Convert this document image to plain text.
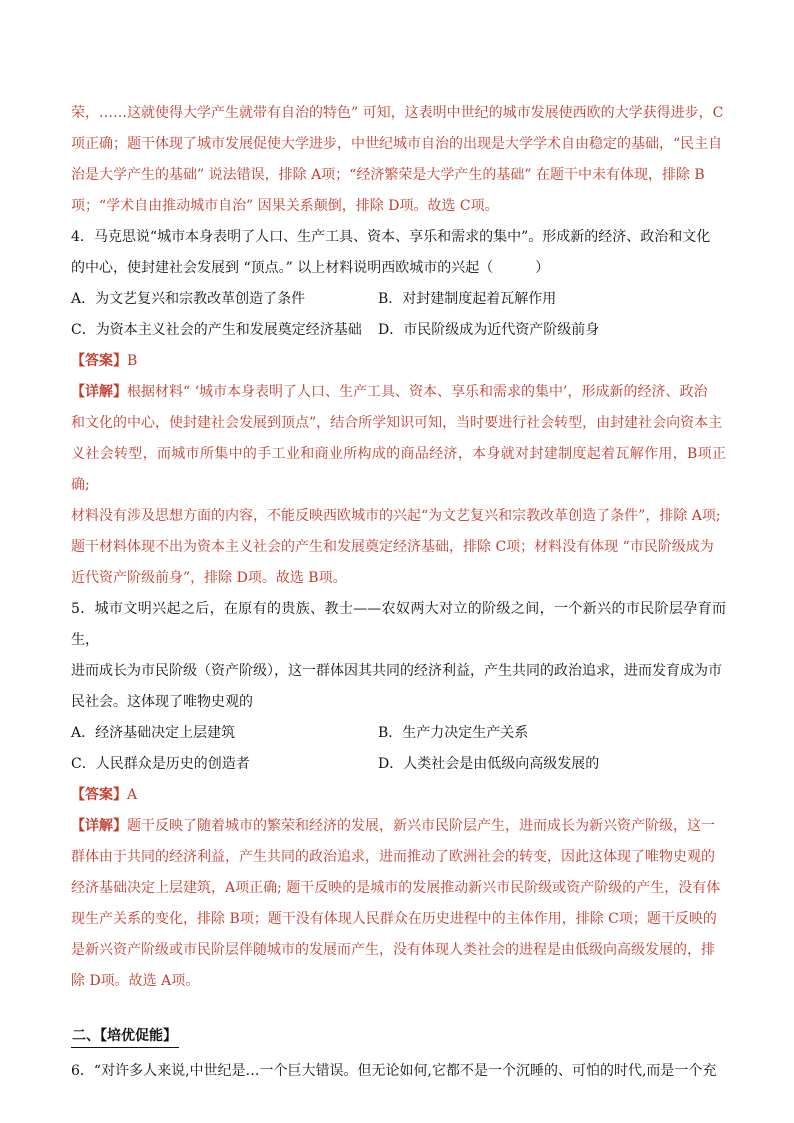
荣，……这就使得大学产生就带有自治的特色” 可知，这表明中世纪的城市发展使西欧的大学获得进步，C

项正确；题干体现了城市发展促使大学进步，中世纪城市自治的出现是大学学术自由稳定的基础，“民主自

治是大学产生的基础” 说法错误，排除 A项；“经济繁荣是大学产生的基础” 在题干中未有体现，排除 B

项；“学术自由推动城市自治” 因果关系颠倒，排除 D项。故选 C项。

4．马克思说“城市本身表明了人口、生产工具、资本、享乐和需求的集中”。形成新的经济、政治和文化

的中心，使封建社会发展到 “顶点。” 以上材料说明西欧城市的兴起（　　　）

A．为文艺复兴和宗教改革创造了条件	B．对封建制度起着瓦解作用
C．为资本主义社会的产生和发展奠定经济基础	D．市民阶级成为近代资产阶级前身

【答案】B

【详解】根据材料“ ‘城市本身表明了人口、生产工具、资本、享乐和需求的集中’，形成新的经济、政治

和文化的中心，使封建社会发展到顶点”，结合所学知识可知，当时要进行社会转型，由封建社会向资本主

义社会转型，而城市所集中的手工业和商业所构成的商品经济，本身就对封建制度起着瓦解作用，B项正确;

材料没有涉及思想方面的内容，不能反映西欧城市的兴起“为文艺复兴和宗教改革创造了条件”，排除 A项;

题干材料体现不出为资本主义社会的产生和发展奠定经济基础，排除 C项；材料没有体现 “市民阶级成为

近代资产阶级前身”，排除 D项。故选 B项。

5．城市文明兴起之后，在原有的贵族、教士——农奴两大对立的阶级之间，一个新兴的市民阶层孕育而生，

进而成长为市民阶级（资产阶级），这一群体因其共同的经济利益，产生共同的政治追求，进而发育成为市

民社会。这体现了唯物史观的

A．经济基础决定上层建筑	B．生产力决定生产关系
C．人民群众是历史的创造者	D．人类社会是由低级向高级发展的

【答案】A

【详解】题干反映了随着城市的繁荣和经济的发展，新兴市民阶层产生，进而成长为新兴资产阶级，这一

群体由于共同的经济利益，产生共同的政治追求，进而推动了欧洲社会的转变，因此这体现了唯物史观的

经济基础决定上层建筑，A项正确; 题干反映的是城市的发展推动新兴市民阶级或资产阶级的产生，没有体

现生产关系的变化，排除 B项；题干没有体现人民群众在历史进程中的主体作用，排除 C项；题干反映的

是新兴资产阶级或市民阶层伴随城市的发展而产生，没有体现人类社会的进程是由低级向高级发展的，排

除 D项。故选 A项。

二、【培优促能】

6．“对许多人来说,中世纪是…一个巨大错误。但无论如何,它都不是一个沉睡的、可怕的时代,而是一个充
